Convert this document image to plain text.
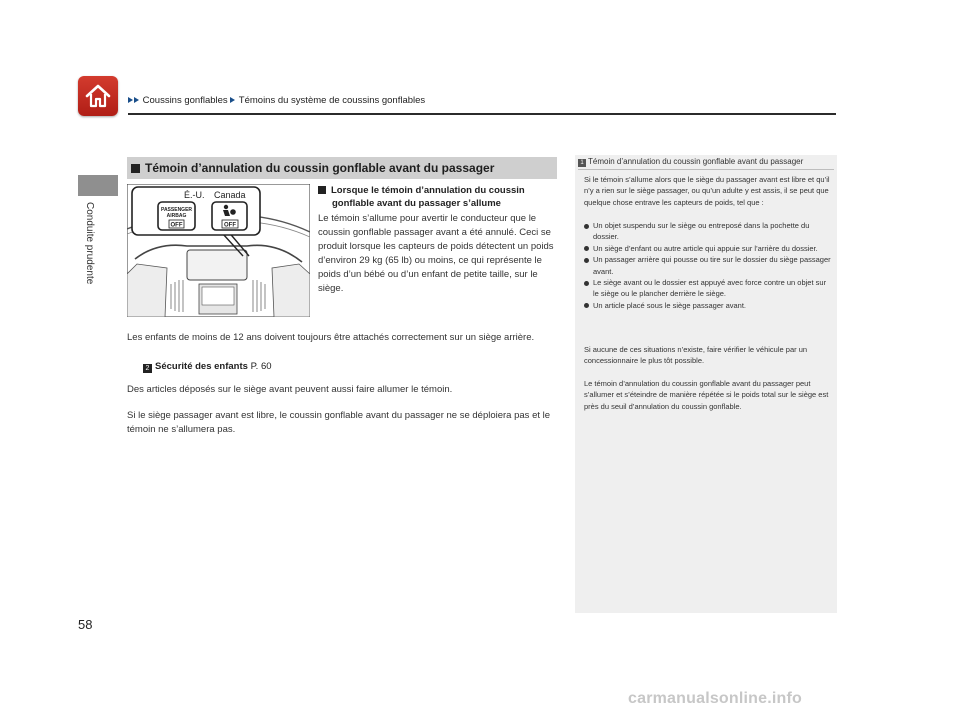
Coussins gonflables Témoins du système de coussins gonflables
Conduite prudente
Témoin d’annulation du coussin gonflable avant du passager
É.-U. Canada
PASSENGER
AIRBAG
OFF	OFF
Lorsque le témoin d’annulation du coussin
gonflable avant du passager s’allume
Le témoin s’allume pour avertir le conducteur que le coussin gonflable passager avant a été annulé. Ceci se produit lorsque les capteurs de poids détectent un poids d’environ 29 kg (65 lb) ou moins, ce qui représente le poids d’un bébé ou d’un enfant de petite taille, sur le siège.
Les enfants de moins de 12 ans doivent toujours être attachés correctement sur un siège arrière.
2 Sécurité des enfants P. 60
Des articles déposés sur le siège avant peuvent aussi faire allumer le témoin.
Si le siège passager avant est libre, le coussin gonflable avant du passager ne se déploiera pas et le témoin ne s’allumera pas.
1 Témoin d’annulation du coussin gonflable avant du passager
Si le témoin s’allume alors que le siège du passager avant est libre et qu’il n’y a rien sur le siège passager, ou qu’un adulte y est assis, il se peut que quelque chose entrave les capteurs de poids, tel que :
Un objet suspendu sur le siège ou entreposé dans la pochette du dossier.
Un siège d’enfant ou autre article qui appuie sur l’arrière du dossier.
Un passager arrière qui pousse ou tire sur le dossier du siège passager avant.
Le siège avant ou le dossier est appuyé avec force contre un objet sur le siège ou le plancher derrière le siège.
Un article placé sous le siège passager avant.
Si aucune de ces situations n’existe, faire vérifier le véhicule par un concessionnaire le plus tôt possible.
Le témoin d’annulation du coussin gonflable avant du passager peut s’allumer et s’éteindre de manière répétée si le poids total sur le siège est près du seuil d’annulation du coussin gonflable.
58
carmanualsonline.info
